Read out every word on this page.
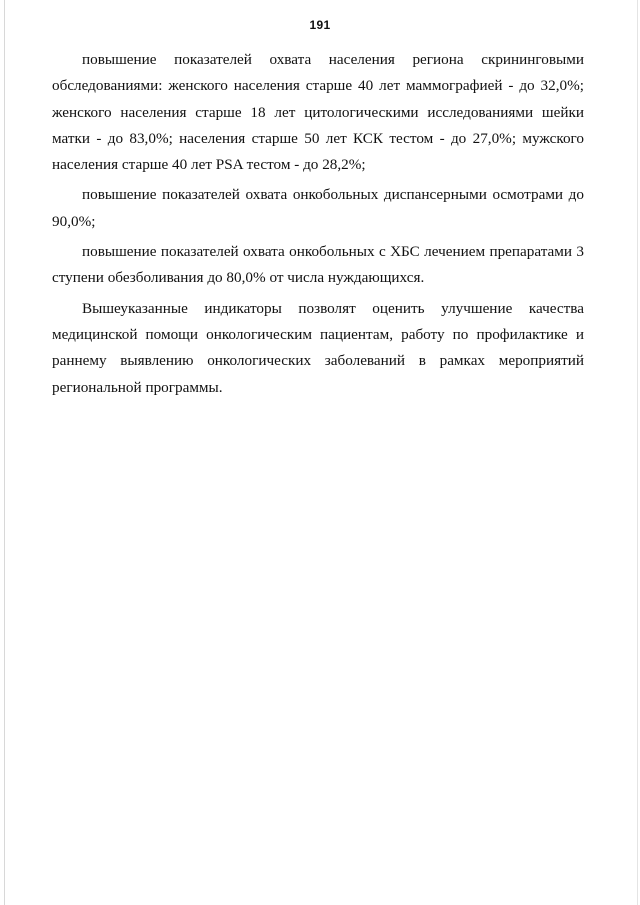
191

повышение показателей охвата населения региона скрининговыми обследованиями: женского населения старше 40 лет маммографией - до 32,0%; женского населения старше 18 лет цитологическими исследованиями шейки матки - до 83,0%; населения старше 50 лет КСК тестом - до 27,0%; мужского населения старше 40 лет PSA тестом - до 28,2%;

повышение показателей охвата онкобольных диспансерными осмотрами до 90,0%;

повышение показателей охвата онкобольных с ХБС лечением препаратами 3 ступени обезболивания до 80,0% от числа нуждающихся.

Вышеуказанные индикаторы позволят оценить улучшение качества медицинской помощи онкологическим пациентам, работу по профилактике и раннему выявлению онкологических заболеваний в рамках мероприятий региональной программы.
